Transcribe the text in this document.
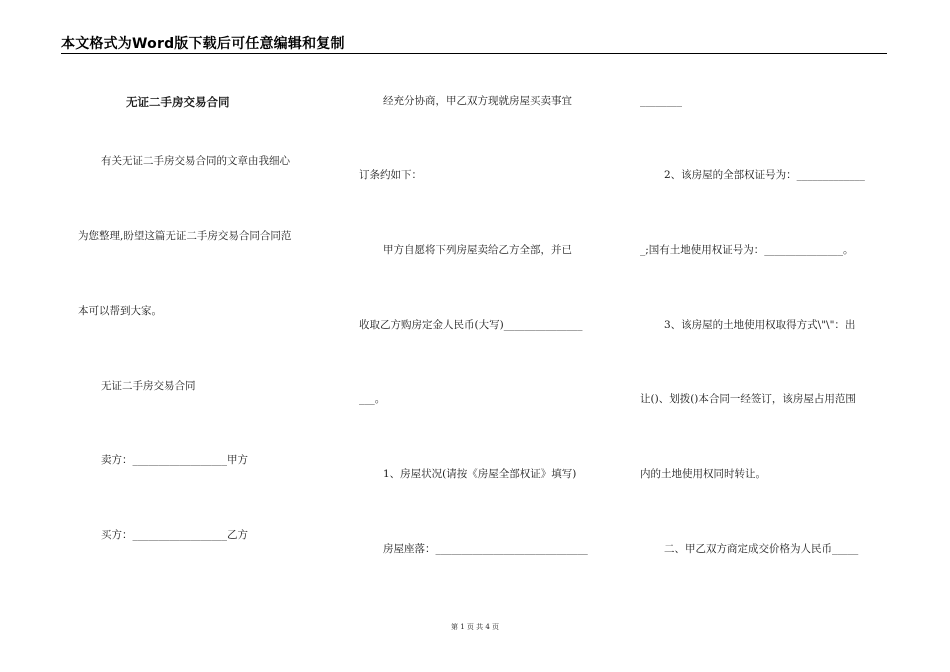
本文格式为Word版下载后可任意编辑和复制
无证二手房交易合同
有关无证二手房交易合同的文章由我细心
为您整理,盼望这篇无证二手房交易合同合同范
本可以帮到大家。
无证二手房交易合同
卖方：__________________甲方
买方：__________________乙方
经充分协商，甲乙双方现就房屋买卖事宜
订条约如下：
甲方自愿将下列房屋卖给乙方全部，并已
收取乙方购房定金人民币(大写)_______________
___。
1、房屋状况(请按《房屋全部权证》填写)
房屋座落：_____________________________
________
2、该房屋的全部权证号为：_____________
_;国有土地使用权证号为：_______________。
3、该房屋的土地使用权取得方式\"\"：出
让()、划拨()本合同一经签订，该房屋占用范围
内的土地使用权同时转让。
二、甲乙双方商定成交价格为人民币_____
第 1 页 共 4 页
